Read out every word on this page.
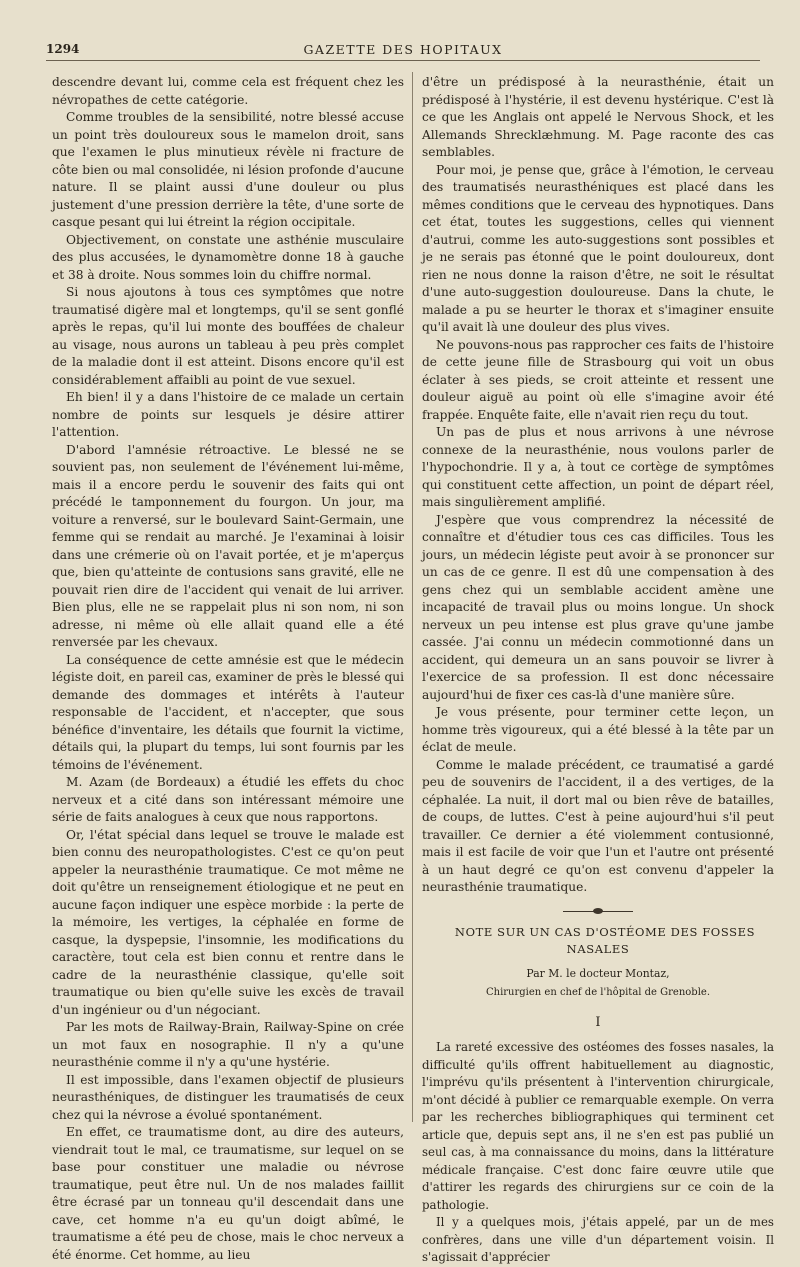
1294	GAZETTE DES HOPITAUX

descendre devant lui, comme cela est fréquent chez les névropathes de cette catégorie.

Comme troubles de la sensibilité, notre blessé accuse un point très douloureux sous le mamelon droit, sans que l'examen le plus minutieux révèle ni fracture de côte bien ou mal consolidée, ni lésion profonde d'aucune nature. Il se plaint aussi d'une douleur ou plus justement d'une pression derrière la tête, d'une sorte de casque pesant qui lui étreint la région occipitale.

Objectivement, on constate une asthénie musculaire des plus accusées, le dynamomètre donne 18 à gauche et 38 à droite. Nous sommes loin du chiffre normal.

Si nous ajoutons à tous ces symptômes que notre traumatisé digère mal et longtemps, qu'il se sent gonflé après le repas, qu'il lui monte des bouffées de chaleur au visage, nous aurons un tableau à peu près complet de la maladie dont il est atteint. Disons encore qu'il est considérablement affaibli au point de vue sexuel.

Eh bien! il y a dans l'histoire de ce malade un certain nombre de points sur lesquels je désire attirer l'attention.

D'abord l'amnésie rétroactive. Le blessé ne se souvient pas, non seulement de l'événement lui-même, mais il a encore perdu le souvenir des faits qui ont précédé le tamponnement du fourgon. Un jour, ma voiture a renversé, sur le boulevard Saint-Germain, une femme qui se rendait au marché. Je l'examinai à loisir dans une crémerie où on l'avait portée, et je m'aperçus que, bien qu'atteinte de contusions sans gravité, elle ne pouvait rien dire de l'accident qui venait de lui arriver. Bien plus, elle ne se rappelait plus ni son nom, ni son adresse, ni même où elle allait quand elle a été renversée par les chevaux.

La conséquence de cette amnésie est que le médecin légiste doit, en pareil cas, examiner de près le blessé qui demande des dommages et intérêts à l'auteur responsable de l'accident, et n'accepter, que sous bénéfice d'inventaire, les détails que fournit la victime, détails qui, la plupart du temps, lui sont fournis par les témoins de l'événement.

M. Azam (de Bordeaux) a étudié les effets du choc nerveux et a cité dans son intéressant mémoire une série de faits analogues à ceux que nous rapportons.

Or, l'état spécial dans lequel se trouve le malade est bien connu des neuropathologistes. C'est ce qu'on peut appeler la neurasthénie traumatique. Ce mot même ne doit qu'être un renseignement étiologique et ne peut en aucune façon indiquer une espèce morbide : la perte de la mémoire, les vertiges, la céphalée en forme de casque, la dyspepsie, l'insomnie, les modifications du caractère, tout cela est bien connu et rentre dans le cadre de la neurasthénie classique, qu'elle soit traumatique ou bien qu'elle suive les excès de travail d'un ingénieur ou d'un négociant.

Par les mots de Railway-Brain, Railway-Spine on crée un mot faux en nosographie. Il n'y a qu'une neurasthénie comme il n'y a qu'une hystérie.

Il est impossible, dans l'examen objectif de plusieurs neurasthéniques, de distinguer les traumatisés de ceux chez qui la névrose a évolué spontanément.

En effet, ce traumatisme dont, au dire des auteurs, viendrait tout le mal, ce traumatisme, sur lequel on se base pour constituer une maladie ou névrose traumatique, peut être nul. Un de nos malades faillit être écrasé par un tonneau qu'il descendait dans une cave, cet homme n'a eu qu'un doigt abîmé, le traumatisme a été peu de chose, mais le choc nerveux a été énorme. Cet homme, au lieu

d'être un prédisposé à la neurasthénie, était un prédisposé à l'hystérie, il est devenu hystérique. C'est là ce que les Anglais ont appelé le Nervous Shock, et les Allemands Shrecklæhmung. M. Page raconte des cas semblables.

Pour moi, je pense que, grâce à l'émotion, le cerveau des traumatisés neurasthéniques est placé dans les mêmes conditions que le cerveau des hypnotiques. Dans cet état, toutes les suggestions, celles qui viennent d'autrui, comme les auto-suggestions sont possibles et je ne serais pas étonné que le point douloureux, dont rien ne nous donne la raison d'être, ne soit le résultat d'une auto-suggestion douloureuse. Dans la chute, le malade a pu se heurter le thorax et s'imaginer ensuite qu'il avait là une douleur des plus vives.

Ne pouvons-nous pas rapprocher ces faits de l'histoire de cette jeune fille de Strasbourg qui voit un obus éclater à ses pieds, se croit atteinte et ressent une douleur aiguë au point où elle s'imagine avoir été frappée. Enquête faite, elle n'avait rien reçu du tout.

Un pas de plus et nous arrivons à une névrose connexe de la neurasthénie, nous voulons parler de l'hypochondrie. Il y a, à tout ce cortège de symptômes qui constituent cette affection, un point de départ réel, mais singulièrement amplifié.

J'espère que vous comprendrez la nécessité de connaître et d'étudier tous ces cas difficiles. Tous les jours, un médecin légiste peut avoir à se prononcer sur un cas de ce genre. Il est dû une compensation à des gens chez qui un semblable accident amène une incapacité de travail plus ou moins longue. Un shock nerveux un peu intense est plus grave qu'une jambe cassée. J'ai connu un médecin commotionné dans un accident, qui demeura un an sans pouvoir se livrer à l'exercice de sa profession. Il est donc nécessaire aujourd'hui de fixer ces cas-là d'une manière sûre.

Je vous présente, pour terminer cette leçon, un homme très vigoureux, qui a été blessé à la tête par un éclat de meule.

Comme le malade précédent, ce traumatisé a gardé peu de souvenirs de l'accident, il a des vertiges, de la céphalée. La nuit, il dort mal ou bien rêve de batailles, de coups, de luttes. C'est à peine aujourd'hui s'il peut travailler. Ce dernier a été violemment contusionné, mais il est facile de voir que l'un et l'autre ont présenté à un haut degré ce qu'on est convenu d'appeler la neurasthénie traumatique.

NOTE SUR UN CAS D'OSTÉOME DES FOSSES NASALES

Par M. le docteur Montaz,
Chirurgien en chef de l'hôpital de Grenoble.
I

La rareté excessive des ostéomes des fosses nasales, la difficulté qu'ils offrent habituellement au diagnostic, l'imprévu qu'ils présentent à l'intervention chirurgicale, m'ont décidé à publier ce remarquable exemple. On verra par les recherches bibliographiques qui terminent cet article que, depuis sept ans, il ne s'en est pas publié un seul cas, à ma connaissance du moins, dans la littérature médicale française. C'est donc faire œuvre utile que d'attirer les regards des chirurgiens sur ce coin de la pathologie.

Il y a quelques mois, j'étais appelé, par un de mes confrères, dans une ville d'un département voisin. Il s'agissait d'apprécier
